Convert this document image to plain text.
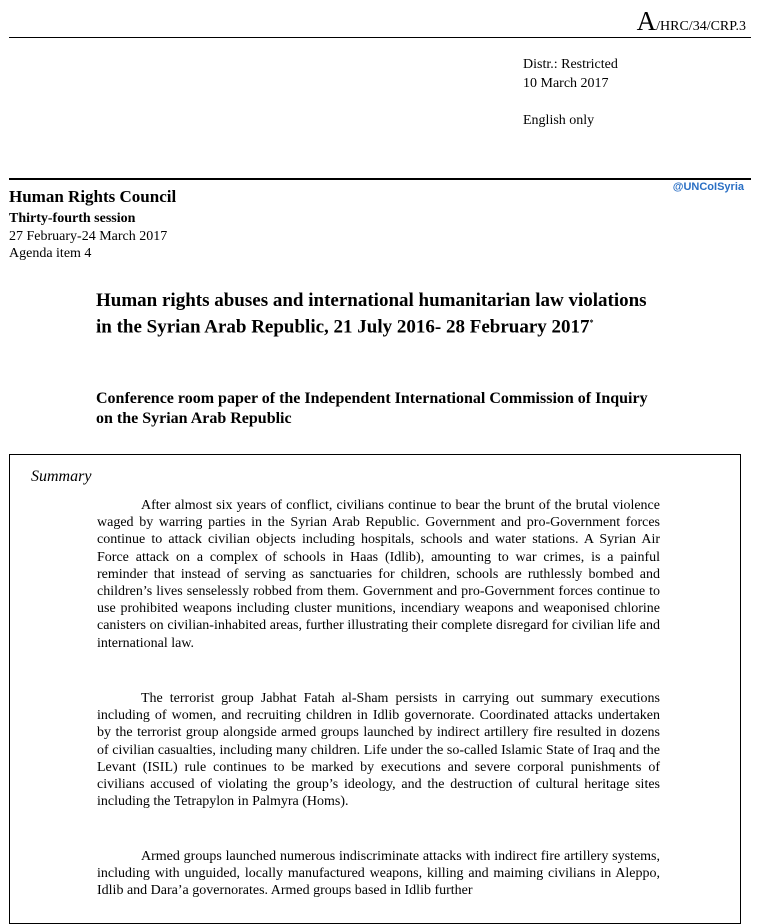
A/HRC/34/CRP.3
Distr.: Restricted
10 March 2017
English only
@UNCoISyria
Human Rights Council
Thirty-fourth session
27 February-24 March 2017
Agenda item 4
Human rights abuses and international humanitarian law violations in the Syrian Arab Republic, 21 July 2016- 28 February 2017*
Conference room paper of the Independent International Commission of Inquiry on the Syrian Arab Republic
Summary
After almost six years of conflict, civilians continue to bear the brunt of the brutal violence waged by warring parties in the Syrian Arab Republic. Government and pro-Government forces continue to attack civilian objects including hospitals, schools and water stations. A Syrian Air Force attack on a complex of schools in Haas (Idlib), amounting to war crimes, is a painful reminder that instead of serving as sanctuaries for children, schools are ruthlessly bombed and children’s lives senselessly robbed from them. Government and pro-Government forces continue to use prohibited weapons including cluster munitions, incendiary weapons and weaponised chlorine canisters on civilian-inhabited areas, further illustrating their complete disregard for civilian life and international law.
The terrorist group Jabhat Fatah al-Sham persists in carrying out summary executions including of women, and recruiting children in Idlib governorate. Coordinated attacks undertaken by the terrorist group alongside armed groups launched by indirect artillery fire resulted in dozens of civilian casualties, including many children. Life under the so-called Islamic State of Iraq and the Levant (ISIL) rule continues to be marked by executions and severe corporal punishments of civilians accused of violating the group’s ideology, and the destruction of cultural heritage sites including the Tetrapylon in Palmyra (Homs).
Armed groups launched numerous indiscriminate attacks with indirect fire artillery systems, including with unguided, locally manufactured weapons, killing and maiming civilians in Aleppo, Idlib and Dara’a governorates. Armed groups based in Idlib further
